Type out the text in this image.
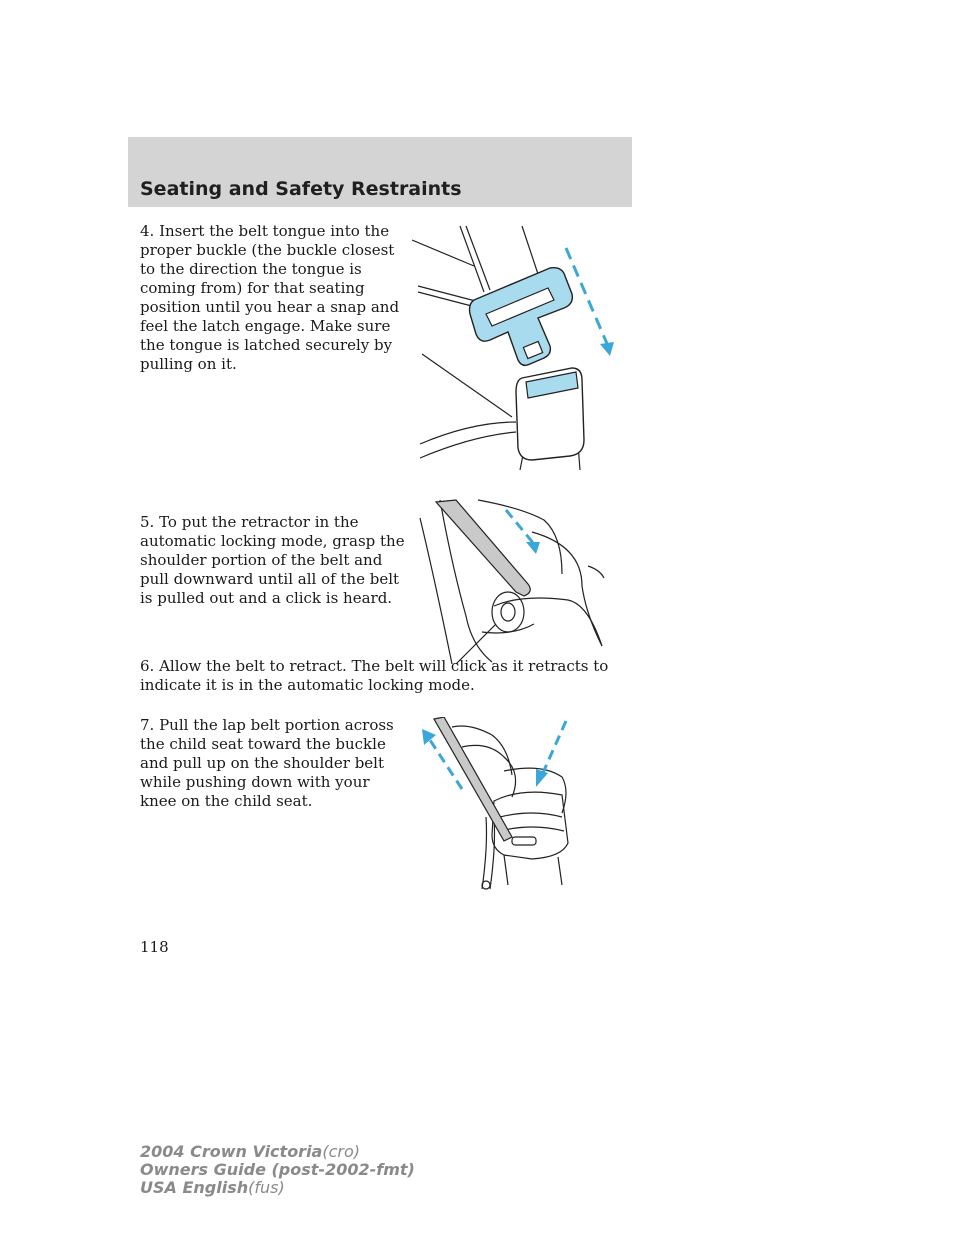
Seating and Safety Restraints

4. Insert the belt tongue into the proper buckle (the buckle closest to the direction the tongue is coming from) for that seating position until you hear a snap and feel the latch engage. Make sure the tongue is latched securely by pulling on it.

5. To put the retractor in the automatic locking mode, grasp the shoulder portion of the belt and pull downward until all of the belt is pulled out and a click is heard.

6. Allow the belt to retract. The belt will click as it retracts to indicate it is in the automatic locking mode.

7. Pull the lap belt portion across the child seat toward the buckle and pull up on the shoulder belt while pushing down with your knee on the child seat.

118
2004 Crown Victoria(cro)
Owners Guide (post-2002-fmt)
USA English(fus)
